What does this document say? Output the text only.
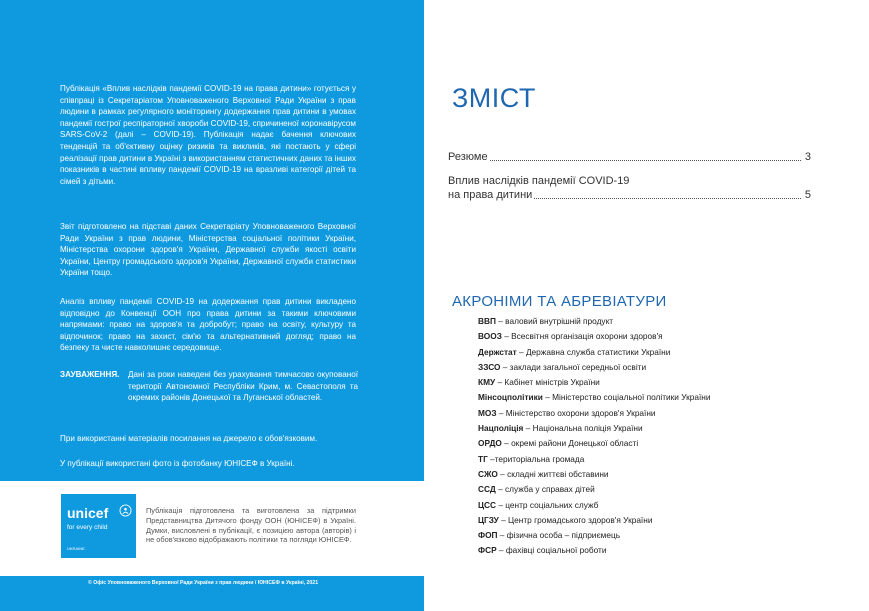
Публікація «Вплив наслідків пандемії COVID-19 на права дитини» готується у співпраці із Секретаріатом Уповноваженого Верховної Ради України з прав людини в рамках регулярного моніторингу додержання прав дитини в умовах пандемії гострої респіраторної хвороби COVID-19, спричиненої коронавірусом SARS-CoV-2 (далі – COVID-19). Публікація надає бачення ключових тенденцій та об'єктивну оцінку ризиків та викликів, які постають у сфері реалізації прав дитини в Україні з використанням статистичних даних та інших показників в частині впливу пандемії COVID-19 на вразливі категорії дітей та сімей з дітьми.

Звіт підготовлено на підставі даних Секретаріату Уповноваженого Верховної Ради України з прав людини, Міністерства соціальної політики України, Міністерства охорони здоров'я України, Державної служби якості освіти України, Центру громадського здоров'я України, Державної служби статистики України тощо.

Аналіз впливу пандемії COVID-19 на додержання прав дитини викладено відповідно до Конвенції ООН про права дитини за такими ключовими напрямами: право на здоров'я та добробут; право на освіту, культуру та відпочинок; право на захист, сім'ю та альтернативний догляд; право на безпеку та чисте навколишнє середовище.

ЗАУВАЖЕННЯ. Дані за роки наведені без урахування тимчасово окупованої території Автономної Республіки Крим, м. Севастополя та окремих районів Донецької та Луганської областей.

При використанні матеріалів посилання на джерело є обов'язковим.

У публікації використані фото із фотобанку ЮНІСЕФ в Україні.

unicef
for every child
UKRAINE

Публікація підготовлена та виготовлена за підтримки Представництва Дитячого фонду ООН (ЮНІСЕФ) в Україні. Думки, висловлені в публікації, є позицією автора (авторів) і не обов'язково відображають політики та погляди ЮНІСЕФ.

© Офіс Уповноваженого Верховної Ради України з прав людини / ЮНІСЕФ в Україні, 2021
ЗМІСТ
Резюме	3
Вплив наслідків пандемії COVID-19
на права дитини	5
АКРОНІМИ ТА АБРЕВІАТУРИ
ВВП – валовий внутрішній продукт
ВООЗ – Всесвітня організація охорони здоров'я
Держстат – Державна служба статистики України
ЗЗСО – заклади загальної середньої освіти
КМУ – Кабінет міністрів України
Мінсоцполітики – Міністерство соціальної політики України
МОЗ – Міністерство охорони здоров'я України
Нацполіція – Національна поліція України
ОРДО – окремі райони Донецької області
ТГ –територіальна громада
СЖО – складні життєві обставини
ССД – служба у справах дітей
ЦСС – центр соціальних служб
ЦГЗУ – Центр громадського здоров'я України
ФОП – фізична особа – підприємець
ФСР – фахівці соціальної роботи
